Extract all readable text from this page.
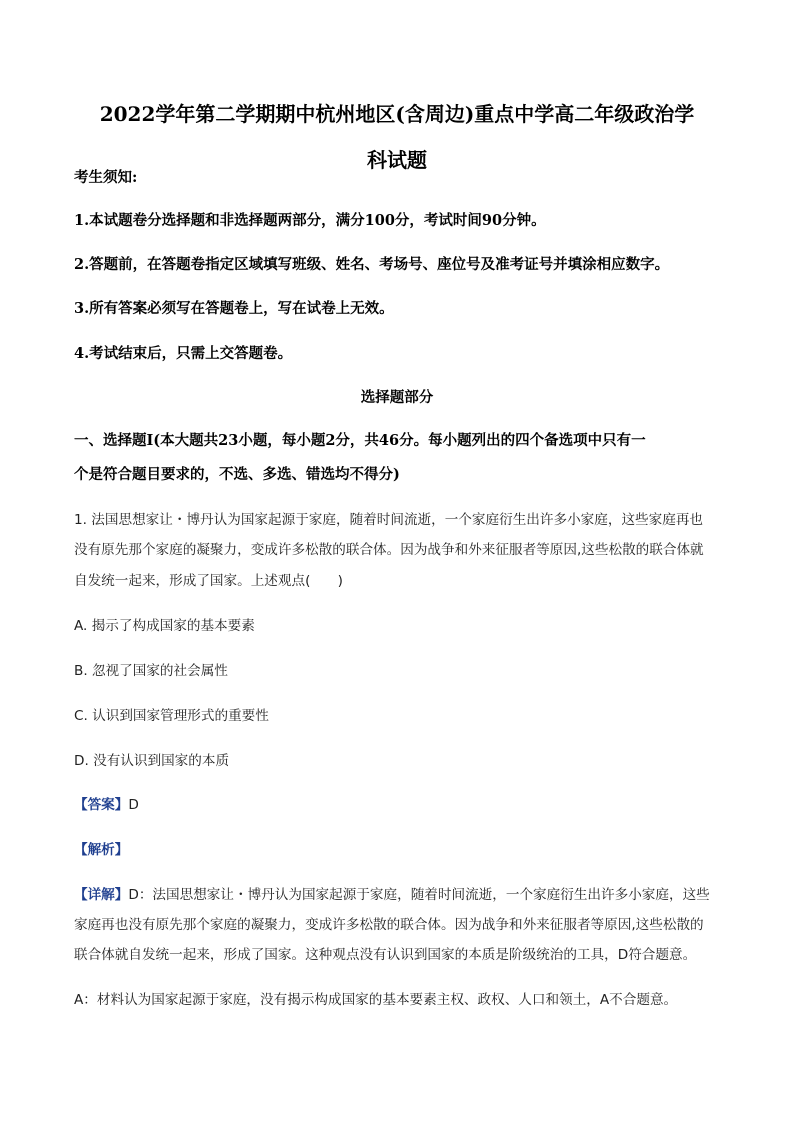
2022学年第二学期期中杭州地区(含周边)重点中学高二年级政治学
科试题
考生须知:
1.本试题卷分选择题和非选择题两部分，满分100分，考试时间90分钟。
2.答题前，在答题卷指定区域填写班级、姓名、考场号、座位号及准考证号并填涂相应数字。
3.所有答案必须写在答题卷上，写在试卷上无效。
4.考试结束后，只需上交答题卷。
选择题部分
一、选择题Ⅰ(本大题共23小题，每小题2分，共46分。每小题列出的四个备选项中只有一
个是符合题目要求的，不选、多选、错选均不得分)
1. 法国思想家让・博丹认为国家起源于家庭，随着时间流逝，一个家庭衍生出许多小家庭，这些家庭再也
没有原先那个家庭的凝聚力，变成许多松散的联合体。因为战争和外来征服者等原因,这些松散的联合体就
自发统一起来，形成了国家。上述观点(　　)
A. 揭示了构成国家的基本要素
B. 忽视了国家的社会属性
C. 认识到国家管理形式的重要性
D. 没有认识到国家的本质
【答案】D
【解析】
【详解】D：法国思想家让・博丹认为国家起源于家庭，随着时间流逝，一个家庭衍生出许多小家庭，这些
家庭再也没有原先那个家庭的凝聚力，变成许多松散的联合体。因为战争和外来征服者等原因,这些松散的
联合体就自发统一起来，形成了国家。这种观点没有认识到国家的本质是阶级统治的工具，D符合题意。
A：材料认为国家起源于家庭，没有揭示构成国家的基本要素主权、政权、人口和领土，A不合题意。
